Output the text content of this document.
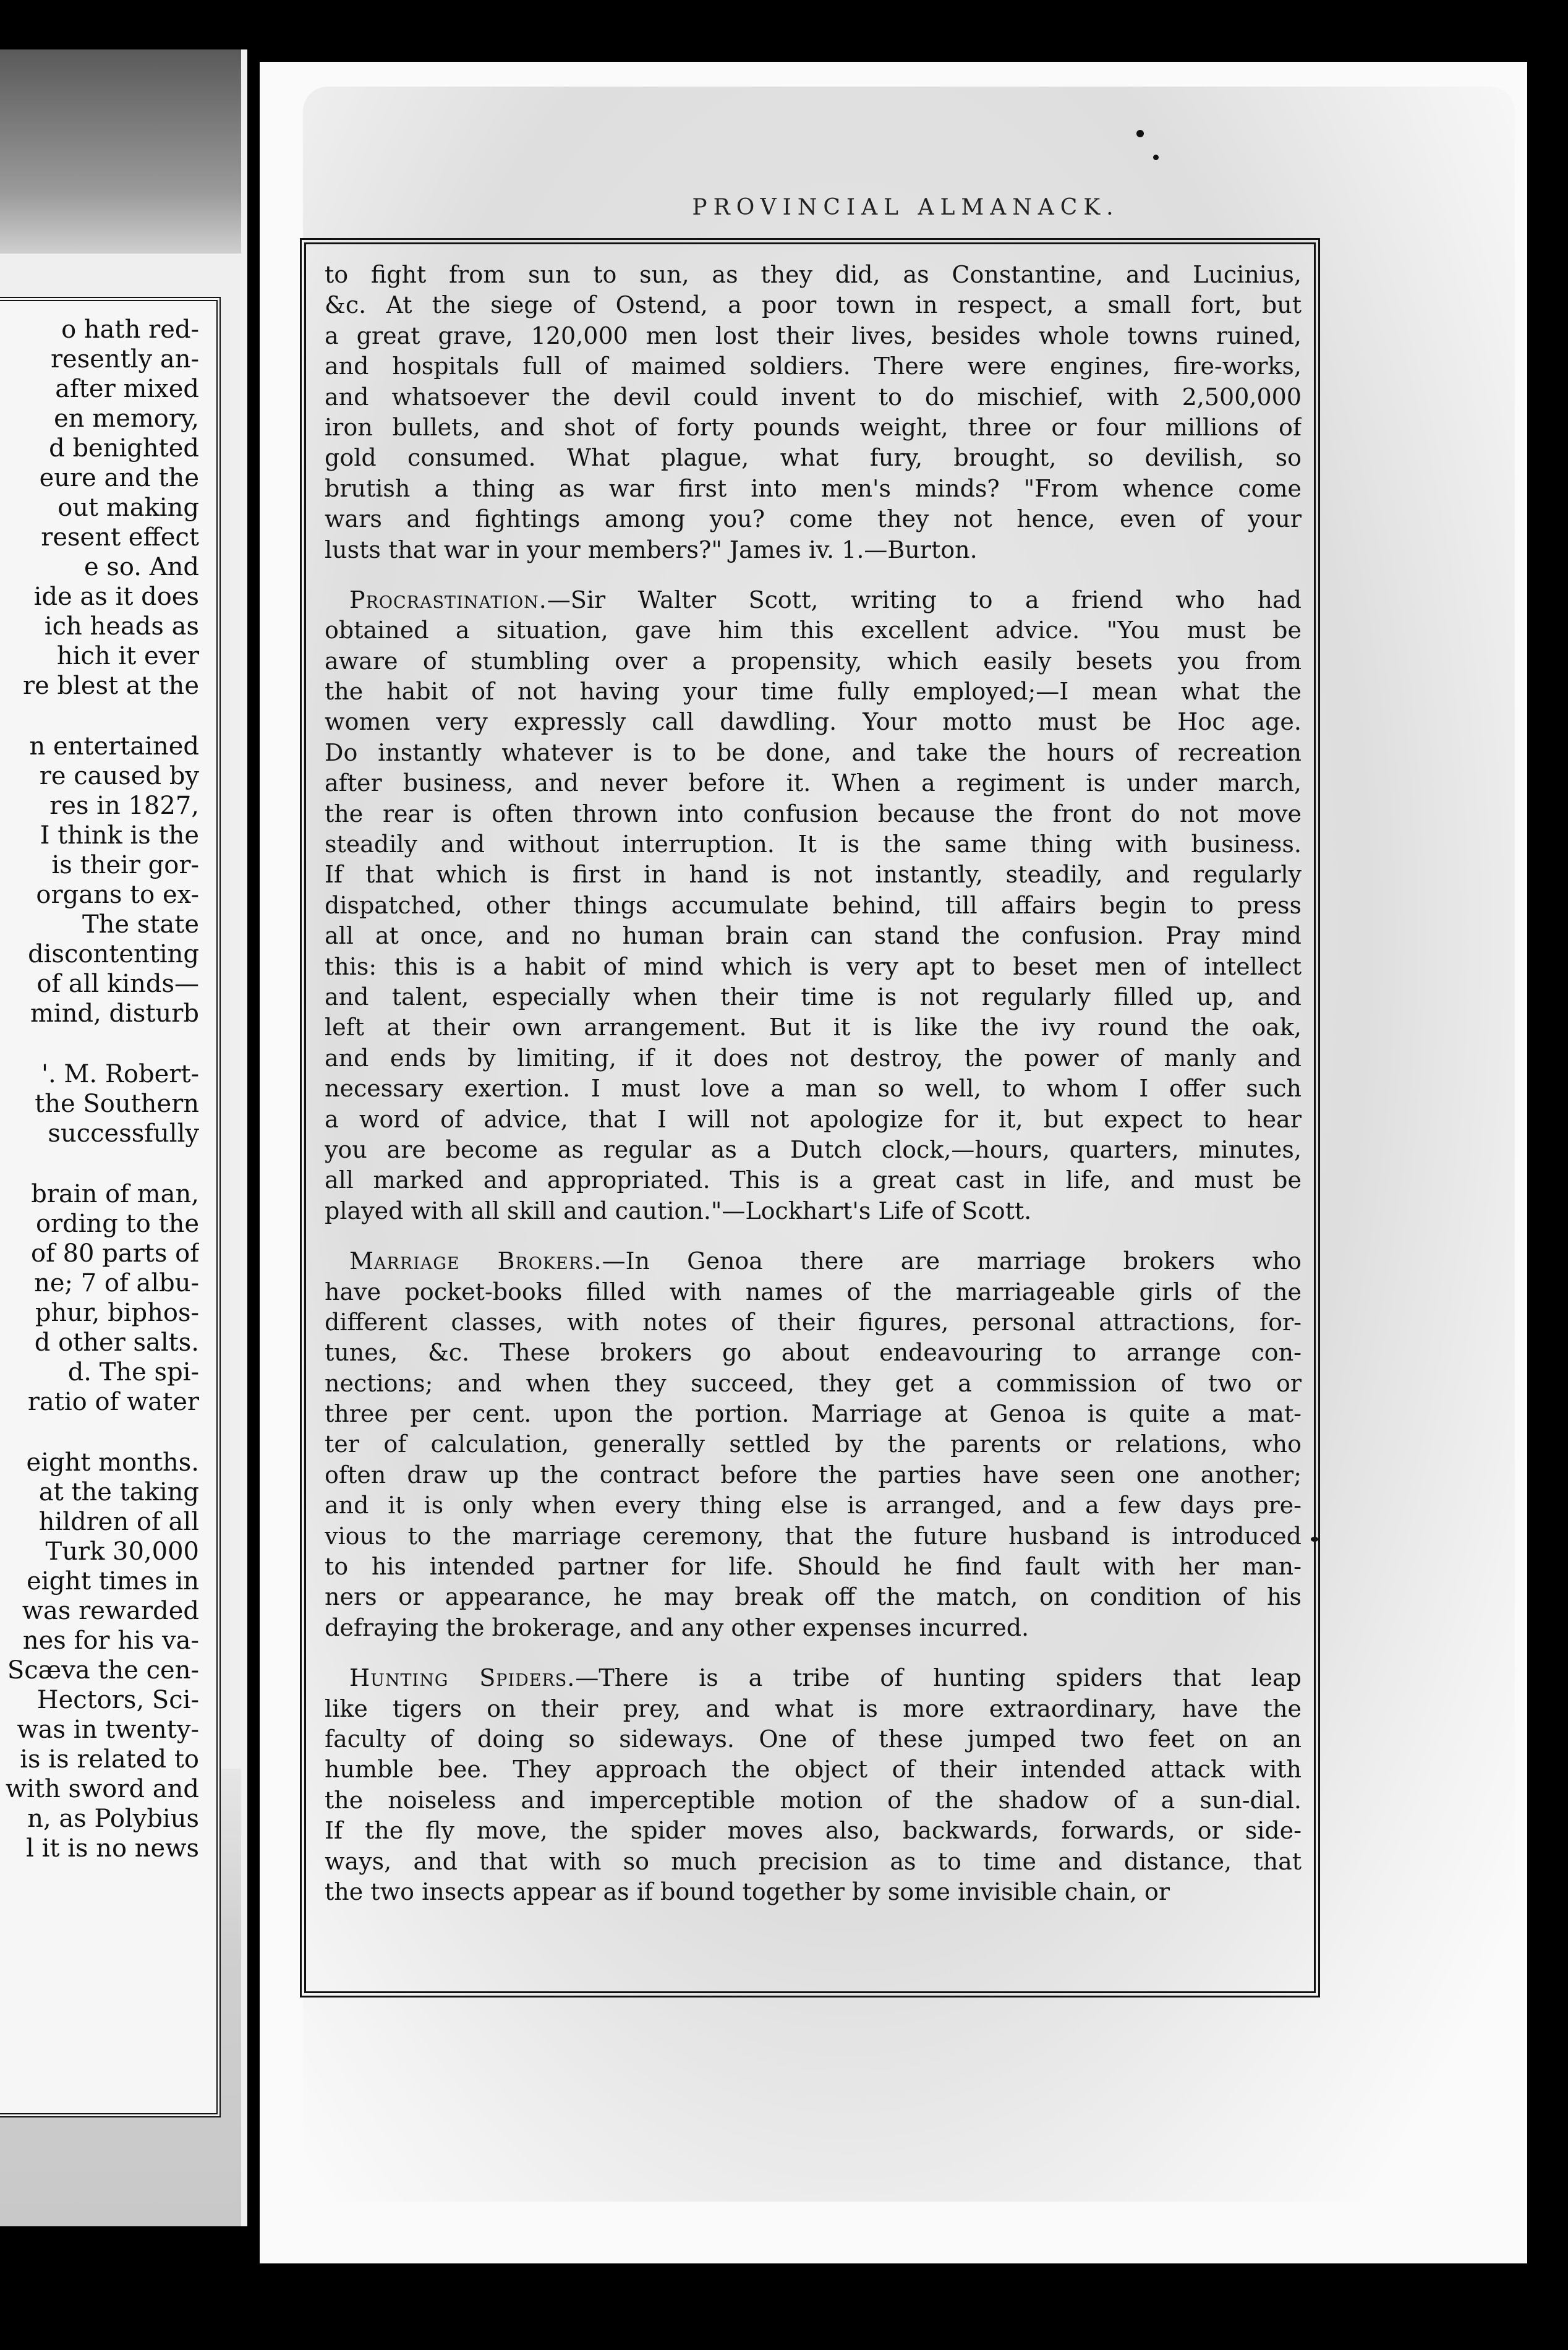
o hath red-
resently an-
after mixed
en memory,
d benighted
eure and the
out making
resent effect
e so. And
ide as it does
ich heads as
hich it ever
re blest at the
n entertained
re caused by
res in 1827,
I think is the
is their gor-
organs to ex-
The state
discontenting
of all kinds—
mind, disturb
'. M. Robert-
the Southern
successfully
brain of man,
ording to the
of 80 parts of
ne; 7 of albu-
phur, biphos-
d other salts.
d. The spi-
ratio of water
eight months.
at the taking
hildren of all
Turk 30,000
eight times in
was rewarded
nes for his va-
Scæva the cen-
Hectors, Sci-
was in twenty-
is is related to
with sword and
n, as Polybius
l it is no news
PROVINCIAL ALMANACK.
to fight from sun to sun, as they did, as Constantine, and Lucinius,
&c. At the siege of Ostend, a poor town in respect, a small fort, but
a great grave, 120,000 men lost their lives, besides whole towns ruined,
and hospitals full of maimed soldiers. There were engines, fire-works,
and whatsoever the devil could invent to do mischief, with 2,500,000
iron bullets, and shot of forty pounds weight, three or four millions of
gold consumed. What plague, what fury, brought, so devilish, so
brutish a thing as war first into men's minds? "From whence come
wars and fightings among you? come they not hence, even of your
lusts that war in your members?" James iv. 1.—Burton.
Procrastination.—Sir Walter Scott, writing to a friend who had
obtained a situation, gave him this excellent advice. "You must be
aware of stumbling over a propensity, which easily besets you from
the habit of not having your time fully employed;—I mean what the
women very expressly call dawdling. Your motto must be Hoc age.
Do instantly whatever is to be done, and take the hours of recreation
after business, and never before it. When a regiment is under march,
the rear is often thrown into confusion because the front do not move
steadily and without interruption. It is the same thing with business.
If that which is first in hand is not instantly, steadily, and regularly
dispatched, other things accumulate behind, till affairs begin to press
all at once, and no human brain can stand the confusion. Pray mind
this: this is a habit of mind which is very apt to beset men of intellect
and talent, especially when their time is not regularly filled up, and
left at their own arrangement. But it is like the ivy round the oak,
and ends by limiting, if it does not destroy, the power of manly and
necessary exertion. I must love a man so well, to whom I offer such
a word of advice, that I will not apologize for it, but expect to hear
you are become as regular as a Dutch clock,—hours, quarters, minutes,
all marked and appropriated. This is a great cast in life, and must be
played with all skill and caution."—Lockhart's Life of Scott.
Marriage Brokers.—In Genoa there are marriage brokers who
have pocket-books filled with names of the marriageable girls of the
different classes, with notes of their figures, personal attractions, for-
tunes, &c. These brokers go about endeavouring to arrange con-
nections; and when they succeed, they get a commission of two or
three per cent. upon the portion. Marriage at Genoa is quite a mat-
ter of calculation, generally settled by the parents or relations, who
often draw up the contract before the parties have seen one another;
and it is only when every thing else is arranged, and a few days pre-
vious to the marriage ceremony, that the future husband is introduced
to his intended partner for life. Should he find fault with her man-
ners or appearance, he may break off the match, on condition of his
defraying the brokerage, and any other expenses incurred.
Hunting Spiders.—There is a tribe of hunting spiders that leap
like tigers on their prey, and what is more extraordinary, have the
faculty of doing so sideways. One of these jumped two feet on an
humble bee. They approach the object of their intended attack with
the noiseless and imperceptible motion of the shadow of a sun-dial.
If the fly move, the spider moves also, backwards, forwards, or side-
ways, and that with so much precision as to time and distance, that
the two insects appear as if bound together by some invisible chain, or
